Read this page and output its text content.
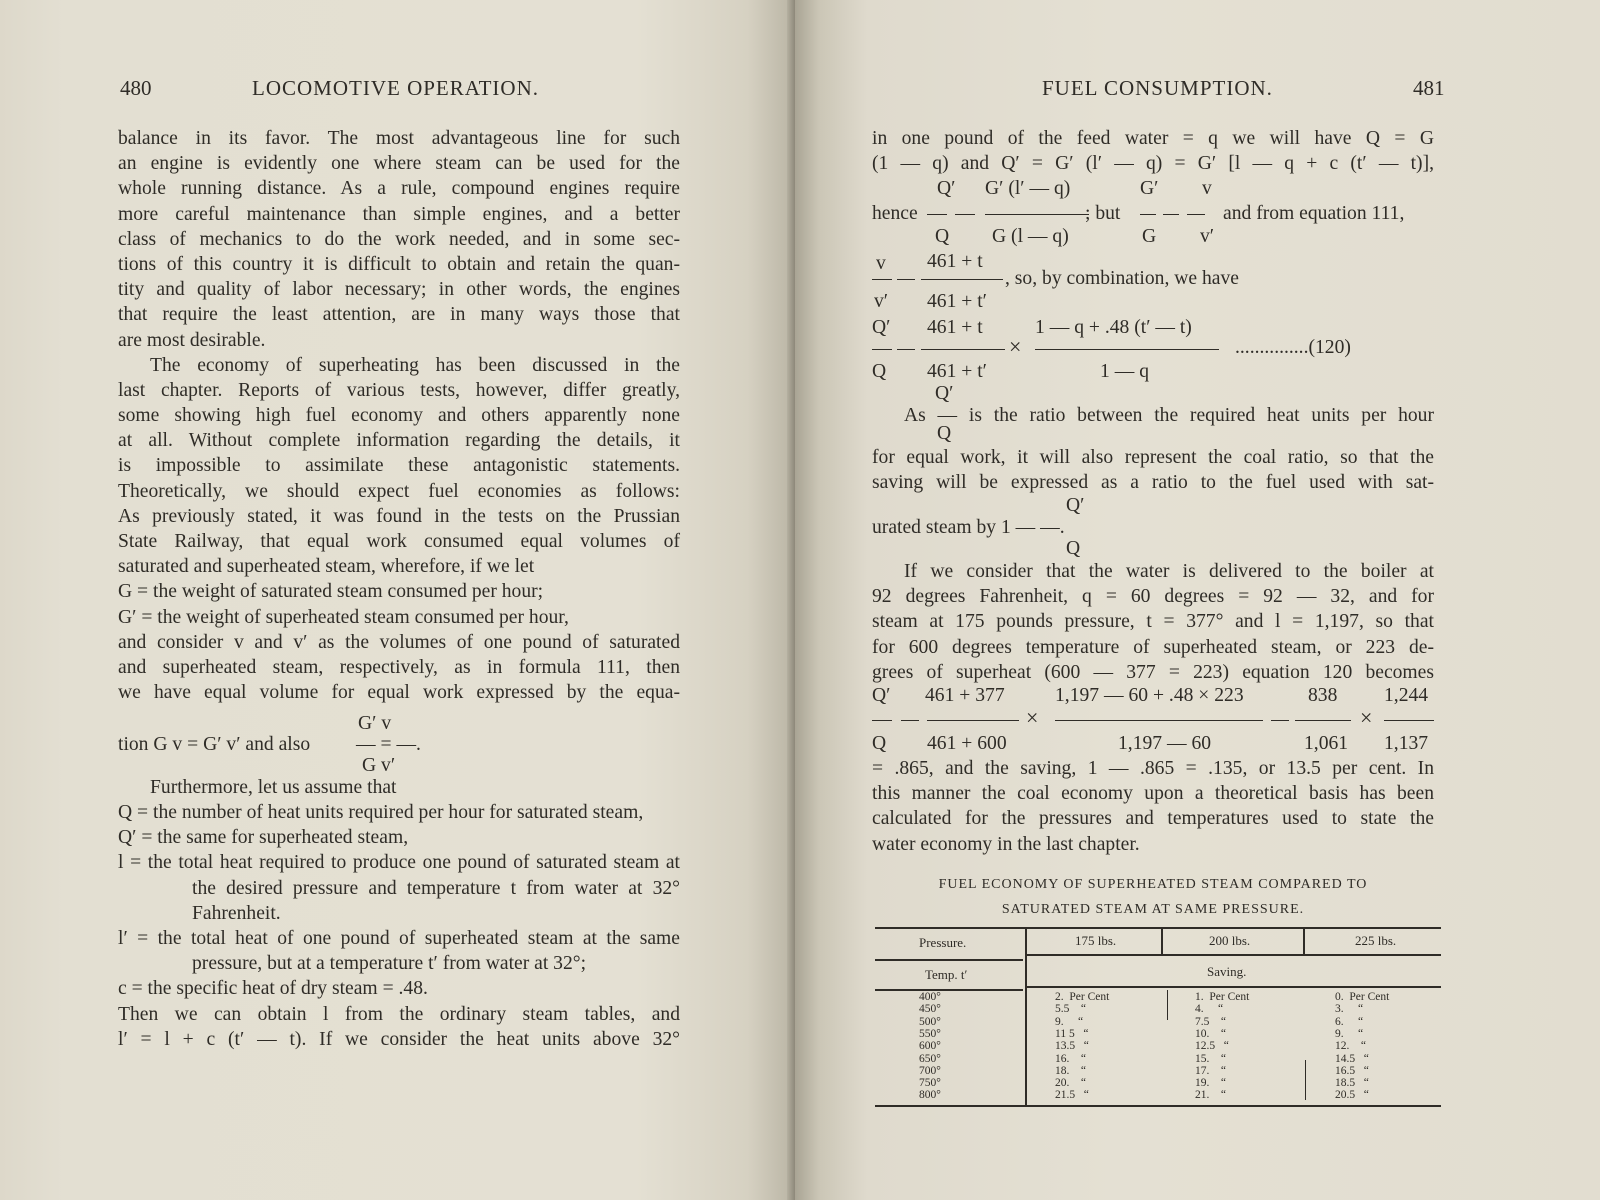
480	LOCOMOTIVE OPERATION.
balance in its favor. The most advantageous line for such
an engine is evidently one where steam can be used for the
whole running distance. As a rule, compound engines require
more careful maintenance than simple engines, and a better
class of mechanics to do the work needed, and in some sec-
tions of this country it is difficult to obtain and retain the quan-
tity and quality of labor necessary; in other words, the engines
that require the least attention, are in many ways those that
are most desirable.
The economy of superheating has been discussed in the
last chapter. Reports of various tests, however, differ greatly,
some showing high fuel economy and others apparently none
at all. Without complete information regarding the details, it
is impossible to assimilate these antagonistic statements.
Theoretically, we should expect fuel economies as follows:
As previously stated, it was found in the tests on the Prussian
State Railway, that equal work consumed equal volumes of
saturated and superheated steam, wherefore, if we let
G = the weight of saturated steam consumed per hour;
G′ = the weight of superheated steam consumed per hour,
and consider v and v′ as the volumes of one pound of saturated
and superheated steam, respectively, as in formula 111, then
we have equal volume for equal work expressed by the equa-
G′ v
tion G v = G′ v′ and also — = —.
G v′
Furthermore, let us assume that
Q = the number of heat units required per hour for saturated steam,
Q′ = the same for superheated steam,
l = the total heat required to produce one pound of saturated steam at the desired pressure and temperature t from water at 32° Fahrenheit.
l′ = the total heat of one pound of superheated steam at the same pressure, but at a temperature t′ from water at 32°;
c = the specific heat of dry steam = .48.
Then we can obtain l from the ordinary steam tables, and
l′ = l + c (t′ — t). If we consider the heat units above 32°
FUEL CONSUMPTION.	481
in one pound of the feed water = q we will have Q = G
(1 — q) and Q′ = G′ (l′ — q) = G′ [l — q + c (t′ — t)],
Q′ G′ (l′ — q)	G′ v
hence	; but	and from equation 111,
Q G (l — q)	G v′
v 461 + t
, so, by combination, we have
v′ 461 + t′
Q′ 461 + t	1 — q + .48 (t′ — t)
×	...............(120)
Q 461 + t′	1 — q
Q′
As — is the ratio between the required heat units per hour
Q
for equal work, it will also represent the coal ratio, so that the
saving will be expressed as a ratio to the fuel used with sat-
Q′
urated steam by 1 — —.
Q
If we consider that the water is delivered to the boiler at
92 degrees Fahrenheit, q = 60 degrees = 92 — 32, and for
steam at 175 pounds pressure, t = 377° and l = 1,197, so that
for 600 degrees temperature of superheated steam, or 223 de-
grees of superheat (600 — 377 = 223) equation 120 becomes
Q′ 461 + 377	1,197 — 60 + .48 × 223	838 1,244
×	×
Q 461 + 600	1,197 — 60	1,061 1,137
= .865, and the saving, 1 — .865 = .135, or 13.5 per cent. In
this manner the coal economy upon a theoretical basis has been
calculated for the pressures and temperatures used to state the
water economy in the last chapter.
FUEL ECONOMY OF SUPERHEATED STEAM COMPARED TO
SATURATED STEAM AT SAME PRESSURE.
Pressure.	175 lbs.	200 lbs.	225 lbs.
Temp. t′	Saving.
400°	2.  Per Cent	1.  Per Cent	0.  Per Cent
450°	5.5    “	4.     “	3.     “
500°	9.     “	7.5    “	6.     “
550°	11 5   “	10.    “	9.     “
600°	13.5   “	12.5   “	12.    “
650°	16.    “	15.    “	14.5   “
700°	18.    “	17.    “	16.5   “
750°	20.    “	19.    “	18.5   “
800°	21.5   “	21.    “	20.5   “
